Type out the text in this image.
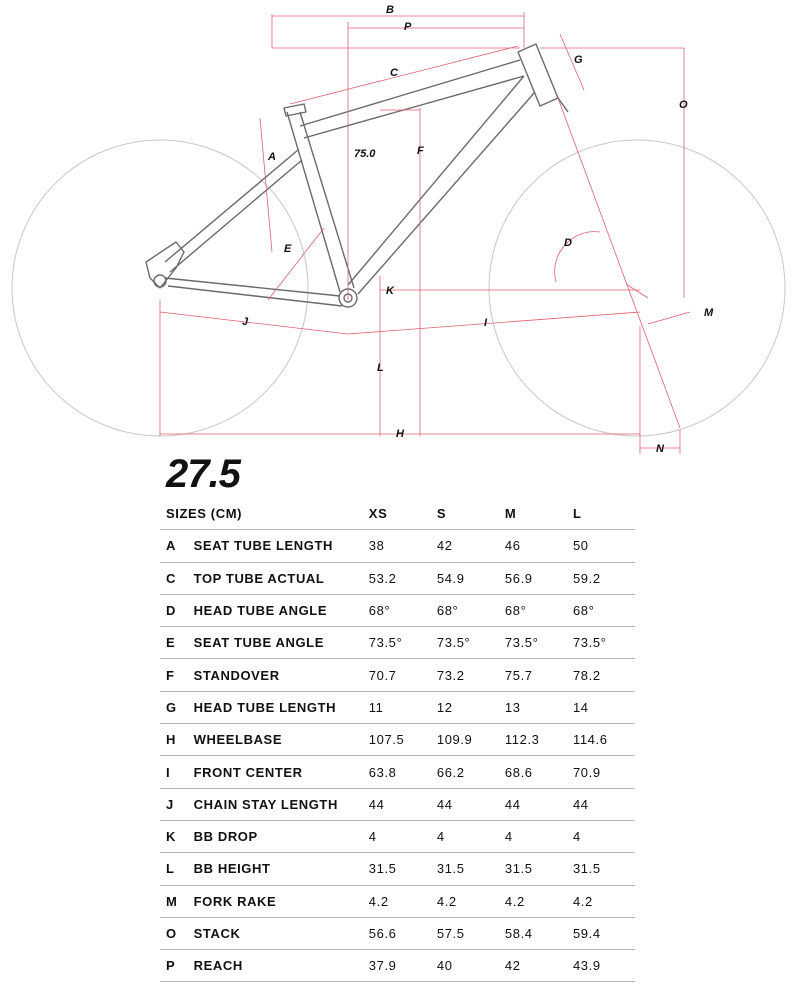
B
P
C
G
O
A	F
75.0
E	D
K
M
J	I
L
H
N
27.5
SIZES (CM)		XS	S	M	L
A	SEAT TUBE LENGTH	38	42	46	50
C	TOP TUBE ACTUAL	53.2	54.9	56.9	59.2
D	HEAD TUBE ANGLE	68°	68°	68°	68°
E	SEAT TUBE ANGLE	73.5°	73.5°	73.5°	73.5°
F	STANDOVER	70.7	73.2	75.7	78.2
G	HEAD TUBE LENGTH	11	12	13	14
H	WHEELBASE	107.5	109.9	112.3	114.6
I	FRONT CENTER	63.8	66.2	68.6	70.9
J	CHAIN STAY LENGTH	44	44	44	44
K	BB DROP	4	4	4	4
L	BB HEIGHT	31.5	31.5	31.5	31.5
M	FORK RAKE	4.2	4.2	4.2	4.2
O	STACK	56.6	57.5	58.4	59.4
P	REACH	37.9	40	42	43.9
